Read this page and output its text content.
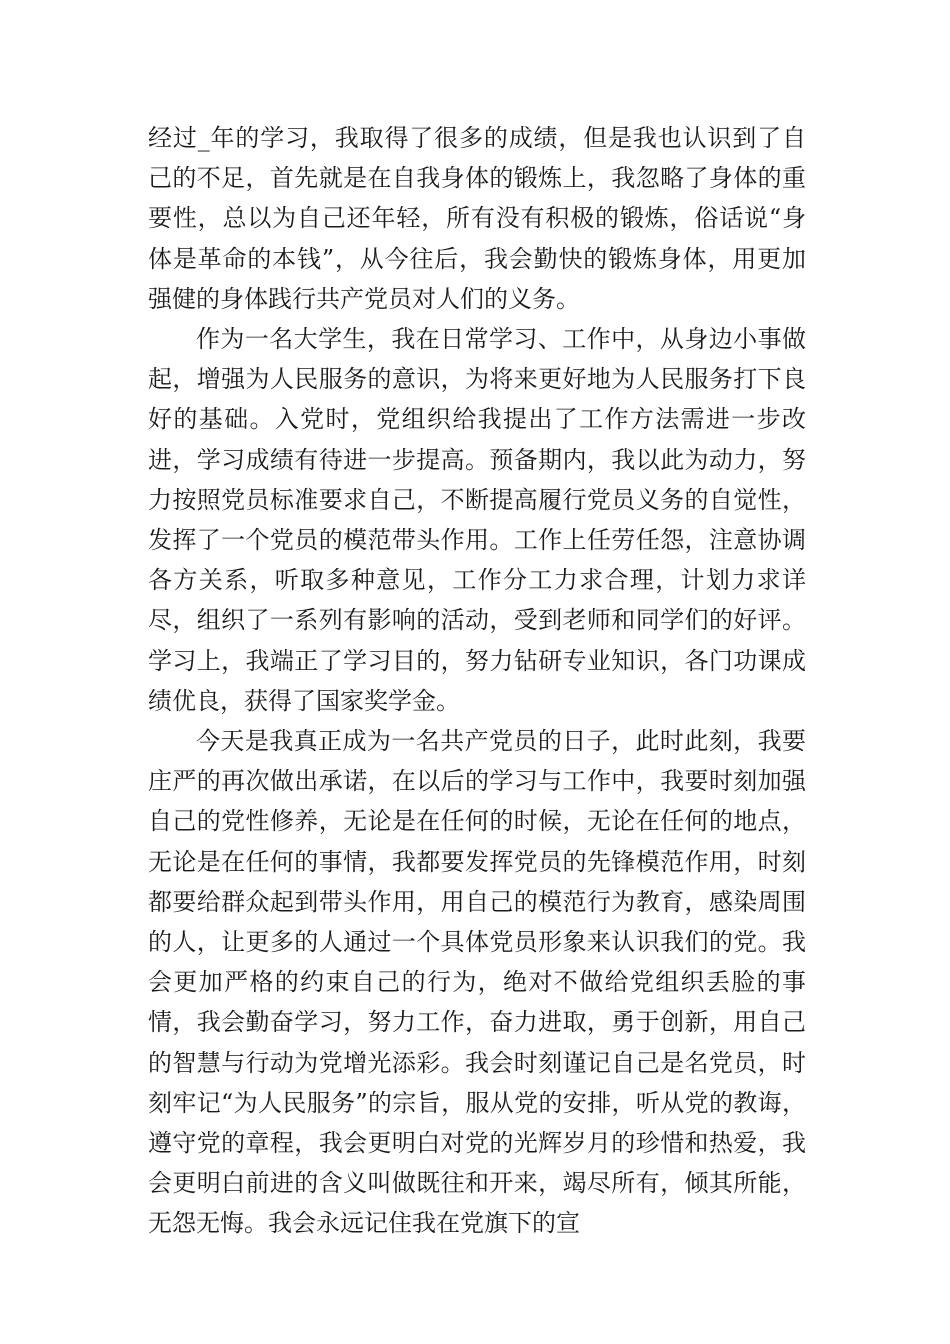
经过_年的学习，我取得了很多的成绩，但是我也认识到了自己的不足，首先就是在自我身体的锻炼上，我忽略了身体的重要性，总以为自己还年轻，所有没有积极的锻炼，俗话说“身体是革命的本钱”，从今往后，我会勤快的锻炼身体，用更加强健的身体践行共产党员对人们的义务。

作为一名大学生，我在日常学习、工作中，从身边小事做起，增强为人民服务的意识，为将来更好地为人民服务打下良好的基础。入党时，党组织给我提出了工作方法需进一步改进，学习成绩有待进一步提高。预备期内，我以此为动力，努力按照党员标准要求自己，不断提高履行党员义务的自觉性，发挥了一个党员的模范带头作用。工作上任劳任怨，注意协调各方关系，听取多种意见，工作分工力求合理，计划力求详尽，组织了一系列有影响的活动，受到老师和同学们的好评。学习上，我端正了学习目的，努力钻研专业知识，各门功课成绩优良，获得了国家奖学金。

今天是我真正成为一名共产党员的日子，此时此刻，我要庄严的再次做出承诺，在以后的学习与工作中，我要时刻加强自己的党性修养，无论是在任何的时候，无论在任何的地点，无论是在任何的事情，我都要发挥党员的先锋模范作用，时刻都要给群众起到带头作用，用自己的模范行为教育，感染周围的人，让更多的人通过一个具体党员形象来认识我们的党。我会更加严格的约束自己的行为，绝对不做给党组织丢脸的事情，我会勤奋学习，努力工作，奋力进取，勇于创新，用自己的智慧与行动为党增光添彩。我会时刻谨记自己是名党员，时刻牢记“为人民服务”的宗旨，服从党的安排，听从党的教诲，遵守党的章程，我会更明白对党的光辉岁月的珍惜和热爱，我会更明白前进的含义叫做既往和开来，竭尽所有，倾其所能，无怨无悔。我会永远记住我在党旗下的宣
